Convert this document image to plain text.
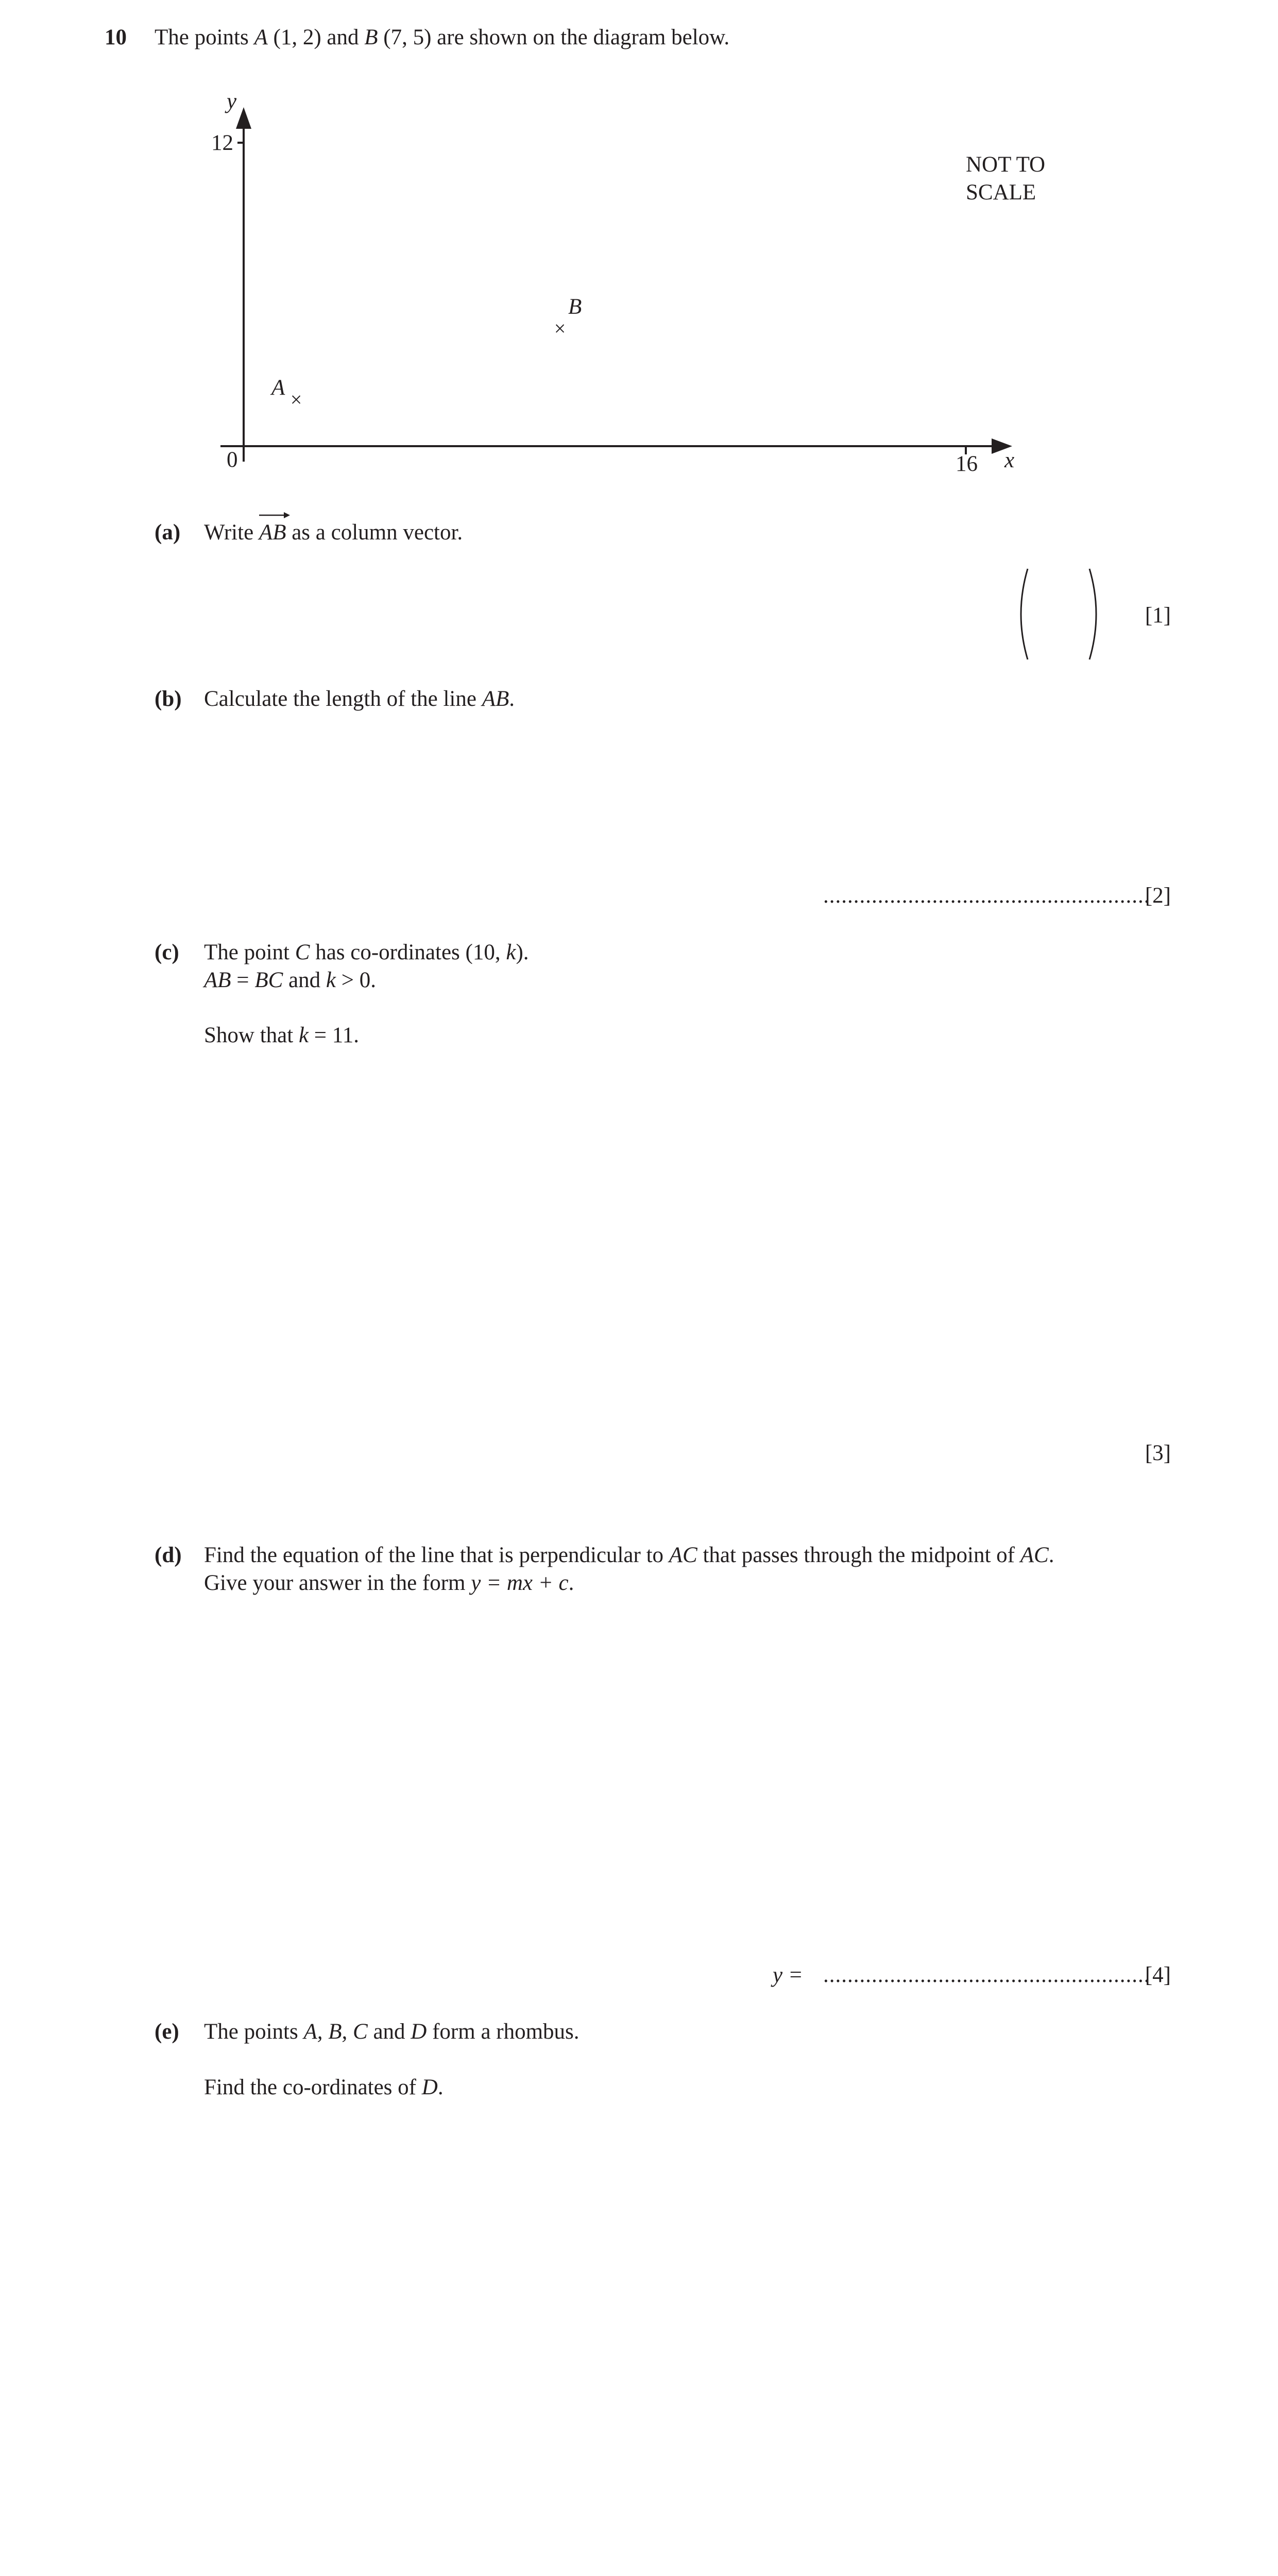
10 The points A (1, 2) and B (7, 5) are shown on the diagram below.
y
12
0	16 x
NOT TO
SCALE
A ×
B
×
(a) Write
AB as a column vector.
[1]
(b) Calculate the length of the line AB.
......................................................
[2]
(c) The point C has co-ordinates (10, k).
AB = BC and k > 0.
Show that k = 11.
[3]
(d) Find the equation of the line that is perpendicular to AC that passes through the midpoint of AC.
Give your answer in the form y = mx + c.
y = ......................................................
[4]
(e) The points A, B, C and D form a rhombus.
Find the co-ordinates of D.
